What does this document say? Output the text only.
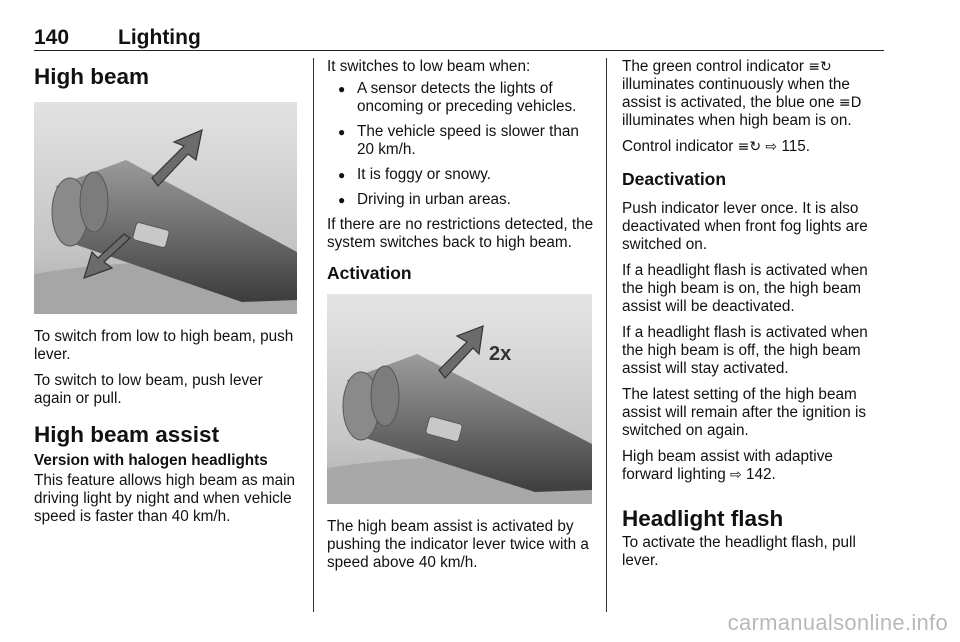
140 Lighting
High beam

To switch from low to high beam, push lever.

To switch to low beam, push lever again or pull.

High beam assist
Version with halogen headlights

This feature allows high beam as main driving light by night and when vehicle speed is faster than 40 km/h.

It switches to low beam when:

● A sensor detects the lights of oncoming or preceding vehicles.
● The vehicle speed is slower than 20 km/h.
● It is foggy or snowy.
● Driving in urban areas.

If there are no restrictions detected, the system switches back to high beam.

Activation
2x

The high beam assist is activated by pushing the indicator lever twice with a speed above 40 km/h.

The green control indicator ≡↻ illuminates continuously when the assist is activated, the blue one ≡D illuminates when high beam is on.

Control indicator ≡↻ ⇨ 115.

Deactivation

Push indicator lever once. It is also deactivated when front fog lights are switched on.

If a headlight flash is activated when the high beam is on, the high beam assist will be deactivated.

If a headlight flash is activated when the high beam is off, the high beam assist will stay activated.

The latest setting of the high beam assist will remain after the ignition is switched on again.

High beam assist with adaptive forward lighting ⇨ 142.

Headlight flash

To activate the headlight flash, pull lever.

carmanualsonline.info
